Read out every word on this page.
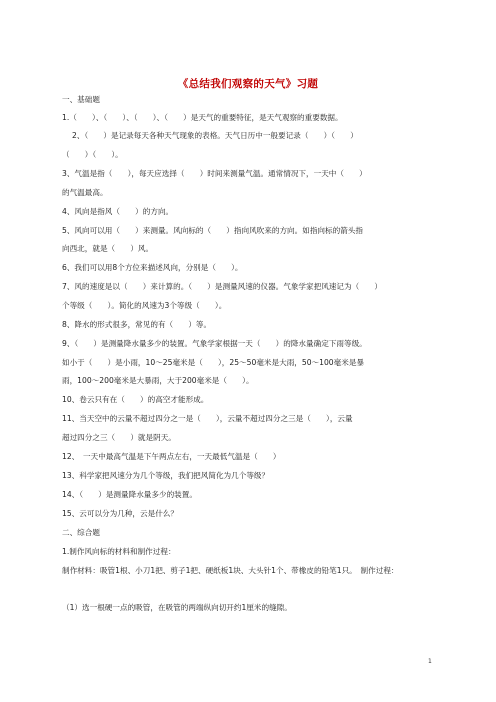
《总结我们观察的天气》习题
一、基础题
1.（　　）、（　　）、（　　）、（　　）是天气的重要特征，是天气观察的重要数据。
2、（　　）是记录每天各种天气现象的表格。天气日历中一般要记录（　　）（　　）
（　　）（　　）。
3、气温是指（　　），每天应选择（　　）时间来测量气温。通常情况下，一天中（　　）
的气温最高。
4、风向是指风（　　）的方向。
5、风向可以用（　　）来测量。风向标的（　　）指向风吹来的方向。如指向标的箭头指
向西北，就是（　　）风。
6、我们可以用8个方位来描述风向，分别是（　　）。
7、风的速度是以（　　）来计算的。（　　）是测量风速的仪器。气象学家把风速记为（　　）
个等级（　　）。简化的风速为3个等级（　　）。
8、降水的形式很多，常见的有（　　）等。
9、（　　）是测量降水量多少的装置。气象学家根据一天（　　）的降水量确定下雨等级。
如小于（　　）是小雨，10～25毫米是（　　），25～50毫米是大雨，50～100毫米是暴
雨，100～200毫米是大暴雨，大于200毫米是（　　）。
10、卷云只有在（　　）的高空才能形成。
11、当天空中的云量不超过四分之一是（　　），云量不超过四分之三是（　　），云量
超过四分之三（　　）就是阴天。
12、　一天中最高气温是下午两点左右，一天最低气温是（　　）
13、科学家把风速分为几个等级，我们把风简化为几个等级？
14、（　　）是测量降水量多少的装置。
15、云可以分为几种，云是什么？
二、综合题
1.制作风向标的材料和制作过程：
制作材料：吸管1根、小刀1把、剪子1把、硬纸板1块、大头针1个、带橡皮的铅笔1只。　制作过程：
（1）选一根硬一点的吸管，在吸管的两端纵向切开约1厘米的缝隙。
1
